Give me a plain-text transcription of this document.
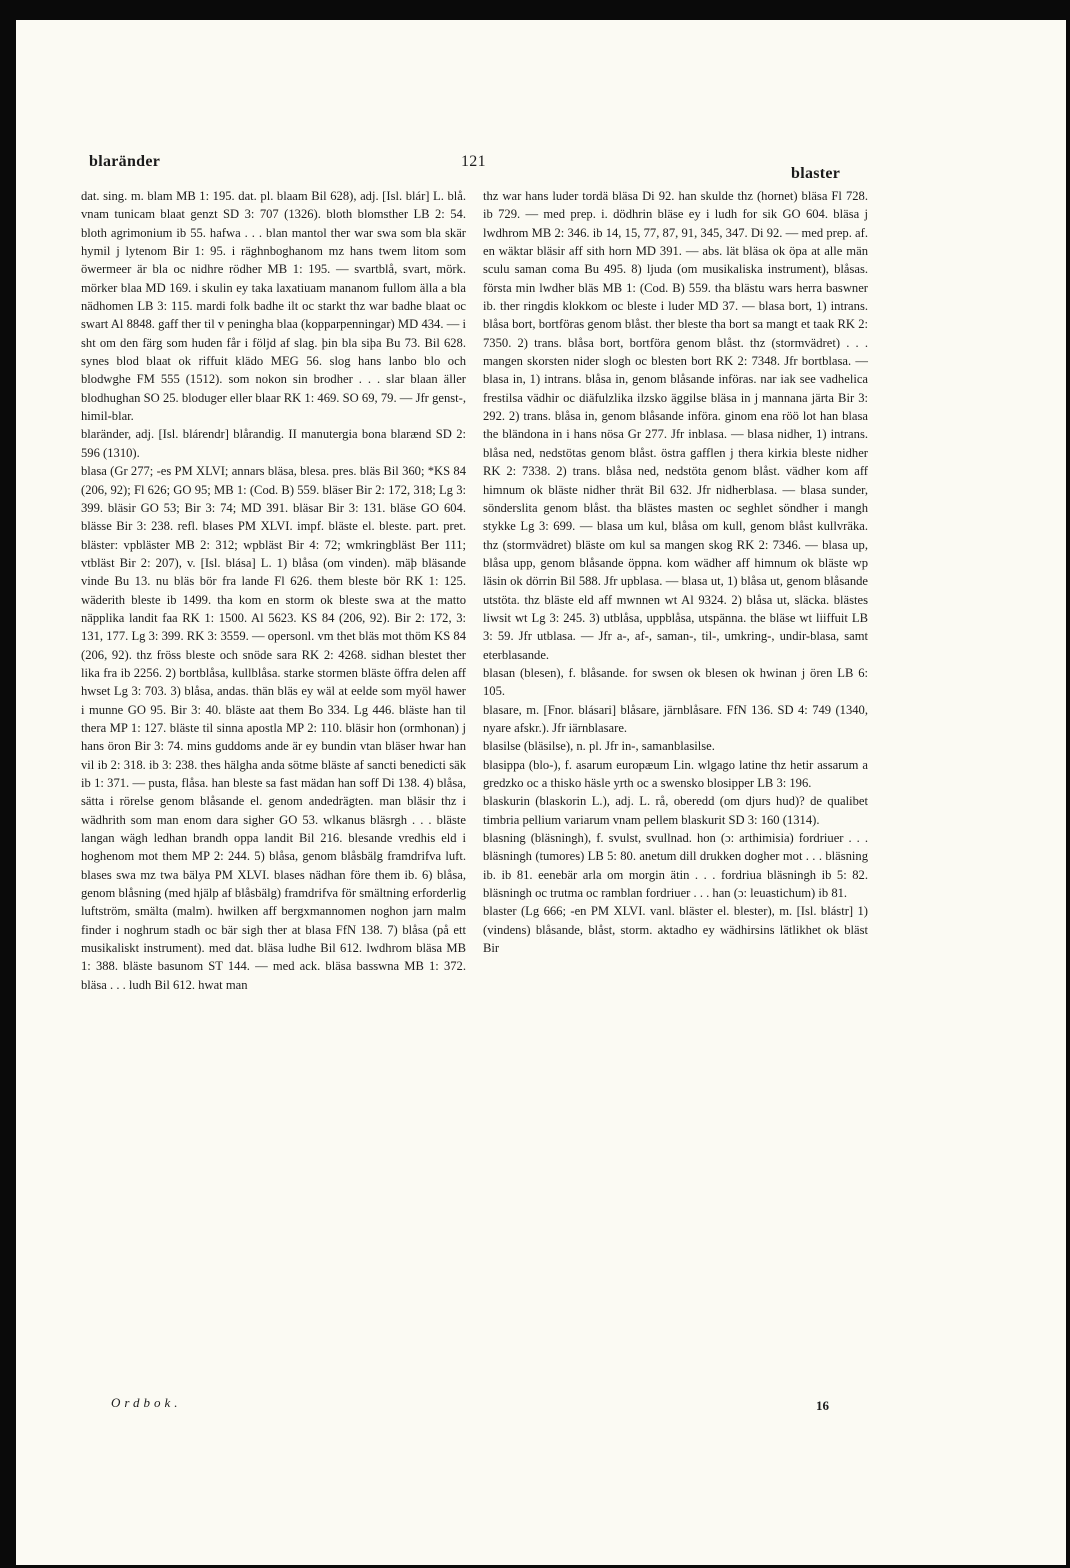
blaränder	121
blaster

dat. sing. m. blam MB 1: 195. dat. pl. blaam Bil 628), adj. [Isl. blár] L. blå. vnam tunicam blaat genzt SD 3: 707 (1326). bloth blomsther LB 2: 54. bloth agrimonium ib 55. hafwa . . . blan mantol ther war swa som bla skär hymil j lytenom Bir 1: 95. i räghnboghanom mz hans twem litom som öwermeer är bla oc nidhre rödher MB 1: 195. — svartblå, svart, mörk. mörker blaa MD 169. i skulin ey taka laxatiuam mananom fullom älla a bla nädhomen LB 3: 115. mardi folk badhe ilt oc starkt thz war badhe blaat oc swart Al 8848. gaff ther til v peningha blaa (kopparpenningar) MD 434. — i sht om den färg som huden får i följd af slag. þin bla siþa Bu 73. Bil 628. synes blod blaat ok riffuit klädo MEG 56. slog hans lanbo blo och blodwghe FM 555 (1512). som nokon sin brodher . . . slar blaan äller blodhughan SO 25. bloduger eller blaar RK 1: 469. SO 69, 79. — Jfr genst-, himil-blar.

blaränder, adj. [Isl. blárendr] blårandig. II manutergia bona blarænd SD 2: 596 (1310).

blasa (Gr 277; -es PM XLVI; annars bläsa, blesa. pres. bläs Bil 360; *KS 84 (206, 92); Fl 626; GO 95; MB 1: (Cod. B) 559. bläser Bir 2: 172, 318; Lg 3: 399. bläsir GO 53; Bir 3: 74; MD 391. bläsar Bir 3: 131. bläse GO 604. blässe Bir 3: 238. refl. blases PM XLVI. impf. bläste el. bleste. part. pret. bläster: vpbläster MB 2: 312; wpbläst Bir 4: 72; wmkringbläst Ber 111; vtbläst Bir 2: 207), v. [Isl. blása] L. 1) blåsa (om vinden). mäþ bläsande vinde Bu 13. nu bläs bör fra lande Fl 626. them bleste bör RK 1: 125. wäderith bleste ib 1499. tha kom en storm ok bleste swa at the matto näpplika landit faa RK 1: 1500. Al 5623. KS 84 (206, 92). Bir 2: 172, 3: 131, 177. Lg 3: 399. RK 3: 3559. — opersonl. vm thet bläs mot thöm KS 84 (206, 92). thz fröss bleste och snöde sara RK 2: 4268. sidhan blestet ther lika fra ib 2256. 2) bortblåsa, kullblåsa. starke stormen bläste öffra delen aff hwset Lg 3: 703. 3) blåsa, andas. thän bläs ey wäl at eelde som myöl hawer i munne GO 95. Bir 3: 40. bläste aat them Bo 334. Lg 446. bläste han til thera MP 1: 127. bläste til sinna apostla MP 2: 110. bläsir hon (ormhonan) j hans öron Bir 3: 74. mins guddoms ande är ey bundin vtan bläser hwar han vil ib 2: 318. ib 3: 238. thes hälgha anda sötme bläste af sancti benedicti säk ib 1: 371. — pusta, flåsa. han bleste sa fast mädan han soff Di 138. 4) blåsa, sätta i rörelse genom blåsande el. genom andedrägten. man bläsir thz i wädhrith som man enom dara sigher GO 53. wlkanus bläsrgh . . . bläste langan wägh ledhan brandh oppa landit Bil 216. blesande vredhis eld i hoghenom mot them MP 2: 244. 5) blåsa, genom blåsbälg framdrifva luft. blases swa mz twa bälya PM XLVI. blases nädhan före them ib. 6) blåsa, genom blåsning (med hjälp af blåsbälg) framdrifva för smältning erforderlig luftström, smälta (malm). hwilken aff bergxmannomen noghon jarn malm finder i noghrum stadh oc bär sigh ther at blasa FfN 138. 7) blåsa (på ett musikaliskt instrument). med dat. bläsa ludhe Bil 612. lwdhrom bläsa MB 1: 388. bläste basunom ST 144. — med ack. bläsa basswna MB 1: 372. bläsa . . . ludh Bil 612. hwat man

thz war hans luder tordä bläsa Di 92. han skulde thz (hornet) bläsa Fl 728. ib 729. — med prep. i. dödhrin bläse ey i ludh for sik GO 604. bläsa j lwdhrom MB 2: 346. ib 14, 15, 77, 87, 91, 345, 347. Di 92. — med prep. af. en wäktar bläsir aff sith horn MD 391. — abs. lät bläsa ok öpa at alle män sculu saman coma Bu 495. 8) ljuda (om musikaliska instrument), blåsas. första min lwdher bläs MB 1: (Cod. B) 559. tha blästu wars herra baswner ib. ther ringdis klokkom oc bleste i luder MD 37. — blasa bort, 1) intrans. blåsa bort, bortföras genom blåst. ther bleste tha bort sa mangt et taak RK 2: 7350. 2) trans. blåsa bort, bortföra genom blåst. thz (stormvädret) . . . mangen skorsten nider slogh oc blesten bort RK 2: 7348. Jfr bortblasa. — blasa in, 1) intrans. blåsa in, genom blåsande införas. nar iak see vadhelica frestilsa vädhir oc diäfulzlika ilzsko äggilse bläsa in j mannana järta Bir 3: 292. 2) trans. blåsa in, genom blåsande införa. ginom ena röö lot han blasa the bländona in i hans nösa Gr 277. Jfr inblasa. — blasa nidher, 1) intrans. blåsa ned, nedstötas genom blåst. östra gafflen j thera kirkia bleste nidher RK 2: 7338. 2) trans. blåsa ned, nedstöta genom blåst. vädher kom aff himnum ok bläste nidher thrät Bil 632. Jfr nidherblasa. — blasa sunder, sönderslita genom blåst. tha blästes masten oc seghlet söndher i mangh stykke Lg 3: 699. — blasa um kul, blåsa om kull, genom blåst kullvräka. thz (stormvädret) bläste om kul sa mangen skog RK 2: 7346. — blasa up, blåsa upp, genom blåsande öppna. kom wädher aff himnum ok bläste wp läsin ok dörrin Bil 588. Jfr upblasa. — blasa ut, 1) blåsa ut, genom blåsande utstöta. thz bläste eld aff mwnnen wt Al 9324. 2) blåsa ut, släcka. blästes liwsit wt Lg 3: 245. 3) utblåsa, uppblåsa, utspänna. the bläse wt liiffuit LB 3: 59. Jfr utblasa. — Jfr a-, af-, saman-, til-, umkring-, undir-blasa, samt eterblasande.

blasan (blesen), f. blåsande. for swsen ok blesen ok hwinan j ören LB 6: 105.

blasare, m. [Fnor. blásari] blåsare, järnblåsare. FfN 136. SD 4: 749 (1340, nyare afskr.). Jfr iärnblasare.

blasilse (bläsilse), n. pl. Jfr in-, samanblasilse.

blasippa (blo-), f. asarum europæum Lin. wlgago latine thz hetir assarum a gredzko oc a thisko häsle yrth oc a swensko blosipper LB 3: 196.

blaskurin (blaskorin L.), adj. L. rå, oberedd (om djurs hud)? de qualibet timbria pellium variarum vnam pellem blaskurit SD 3: 160 (1314).

blasning (bläsningh), f. svulst, svullnad. hon (ɔ: arthimisia) fordriuer . . . bläsningh (tumores) LB 5: 80. anetum dill drukken dogher mot . . . bläsning ib. ib 81. eenebär arla om morgin ätin . . . fordriua bläsningh ib 5: 82. bläsningh oc trutma oc ramblan fordriuer . . . han (ɔ: leuastichum) ib 81.

blaster (Lg 666; -en PM XLVI. vanl. bläster el. blester), m. [Isl. blástr] 1) (vindens) blåsande, blåst, storm. aktadho ey wädhirsins lätlikhet ok bläst Bir

Ordbok.	16
